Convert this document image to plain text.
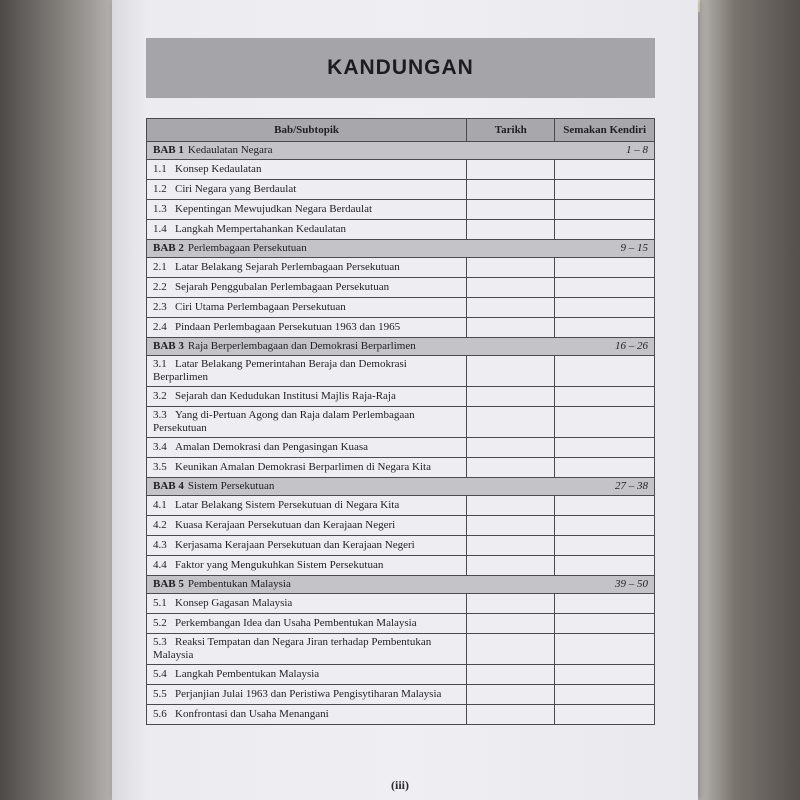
KANDUNGAN
Bab/Subtopik	Tarikh	Semakan Kendiri
BAB 1 Kedaulatan Negara		1 – 8
1.1 Konsep Kedaulatan		
1.2 Ciri Negara yang Berdaulat		
1.3 Kepentingan Mewujudkan Negara Berdaulat		
1.4 Langkah Mempertahankan Kedaulatan		
BAB 2 Perlembagaan Persekutuan		9 – 15
2.1 Latar Belakang Sejarah Perlembagaan Persekutuan		
2.2 Sejarah Penggubalan Perlembagaan Persekutuan		
2.3 Ciri Utama Perlembagaan Persekutuan		
2.4 Pindaan Perlembagaan Persekutuan 1963 dan 1965		
BAB 3 Raja Berperlembagaan dan Demokrasi Berparlimen		16 – 26
3.1 Latar Belakang Pemerintahan Beraja dan Demokrasi Berparlimen		
3.2 Sejarah dan Kedudukan Institusi Majlis Raja-Raja		
3.3 Yang di-Pertuan Agong dan Raja dalam Perlembagaan Persekutuan		
3.4 Amalan Demokrasi dan Pengasingan Kuasa		
3.5 Keunikan Amalan Demokrasi Berparlimen di Negara Kita		
BAB 4 Sistem Persekutuan		27 – 38
4.1 Latar Belakang Sistem Persekutuan di Negara Kita		
4.2 Kuasa Kerajaan Persekutuan dan Kerajaan Negeri		
4.3 Kerjasama Kerajaan Persekutuan dan Kerajaan Negeri		
4.4 Faktor yang Mengukuhkan Sistem Persekutuan		
BAB 5 Pembentukan Malaysia		39 – 50
5.1 Konsep Gagasan Malaysia		
5.2 Perkembangan Idea dan Usaha Pembentukan Malaysia		
5.3 Reaksi Tempatan dan Negara Jiran terhadap Pembentukan Malaysia		
5.4 Langkah Pembentukan Malaysia		
5.5 Perjanjian Julai 1963 dan Peristiwa Pengisytiharan Malaysia		
5.6 Konfrontasi dan Usaha Menangani		
(iii)
